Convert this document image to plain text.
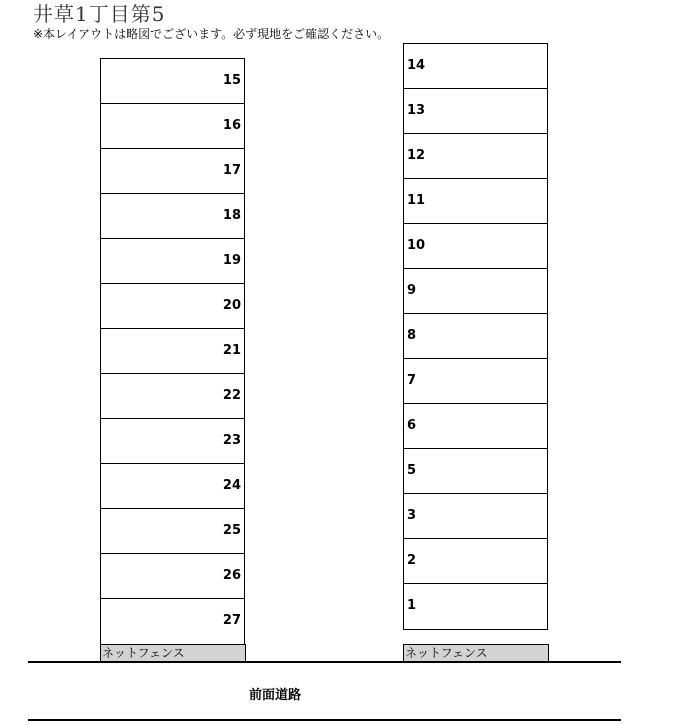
井草1丁目第5
※本レイアウトは略図でございます。必ず現地をご確認ください。
15
16
17
18
19
20
21
22
23
24
25
26
27
ネットフェンス
14
13
12
11
10
9
8
7
6
5
3
2
1
ネットフェンス
前面道路
